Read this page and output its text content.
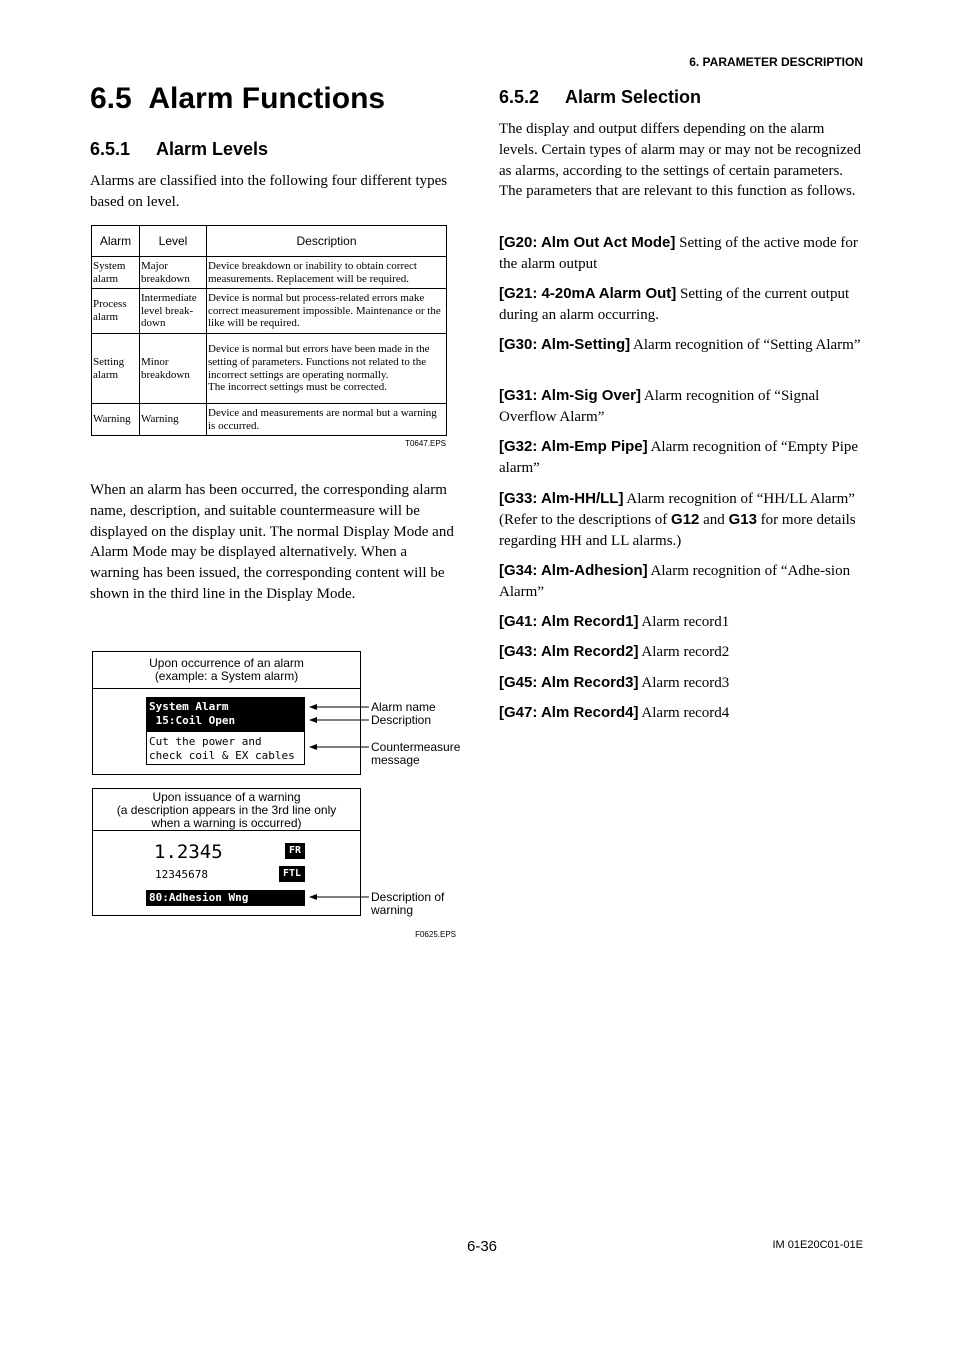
6. PARAMETER DESCRIPTION
6.5 Alarm Functions
6.5.1 Alarm Levels

Alarms are classified into the following four different types based on level.

Alarm	Level	Description
System alarm	Major breakdown	Device breakdown or inability to obtain correct measurements. Replacement will be required.
Process alarm	Intermediate level break-down	Device is normal but process-related errors make correct measurement impossible. Maintenance or the like will be required.
Setting alarm	Minor breakdown	Device is normal but errors have been made in the setting of parameters. Functions not related to the incorrect settings are operating normally.
The incorrect settings must be corrected.
Warning	Warning	Device and measurements are normal but a warning is occurred.
T0647.EPS

When an alarm has been occurred, the corresponding alarm name, description, and suitable countermeasure will be displayed on the display unit. The normal Display Mode and Alarm Mode may be displayed alternatively. When a warning has been issued, the corresponding content will be shown in the third line in the Display Mode.

Upon occurrence of an alarm
(example: a System alarm)
System Alarm
15:Coil Open
Cut the power and
check coil & EX cables
Upon issuance of a warning
(a description appears in the 3rd line only
when a warning is occurred)
1.2345	FR
12345678	FTL
80:Adhesion Wng
Alarm name
Description
Countermeasure
message
Description of
warning
F0625.EPS
6.5.2 Alarm Selection

The display and output differs depending on the alarm levels. Certain types of alarm may or may not be recognized as alarms, according to the settings of certain parameters. The parameters that are relevant to this function as follows.

[G20: Alm Out Act Mode] Setting of the active mode for the alarm output

[G21: 4-20mA Alarm Out] Setting of the current output during an alarm occurring.

[G30: Alm-Setting] Alarm recognition of “Setting Alarm”

[G31: Alm-Sig Over] Alarm recognition of “Signal Overflow Alarm”

[G32: Alm-Emp Pipe] Alarm recognition of “Empty Pipe alarm”

[G33: Alm-HH/LL] Alarm recognition of “HH/LL Alarm” (Refer to the descriptions of G12 and G13 for more details regarding HH and LL alarms.)

[G34: Alm-Adhesion] Alarm recognition of “Adhe-sion Alarm”

[G41: Alm Record1] Alarm record1

[G43: Alm Record2] Alarm record2

[G45: Alm Record3] Alarm record3

[G47: Alm Record4] Alarm record4

6-36	IM 01E20C01-01E
